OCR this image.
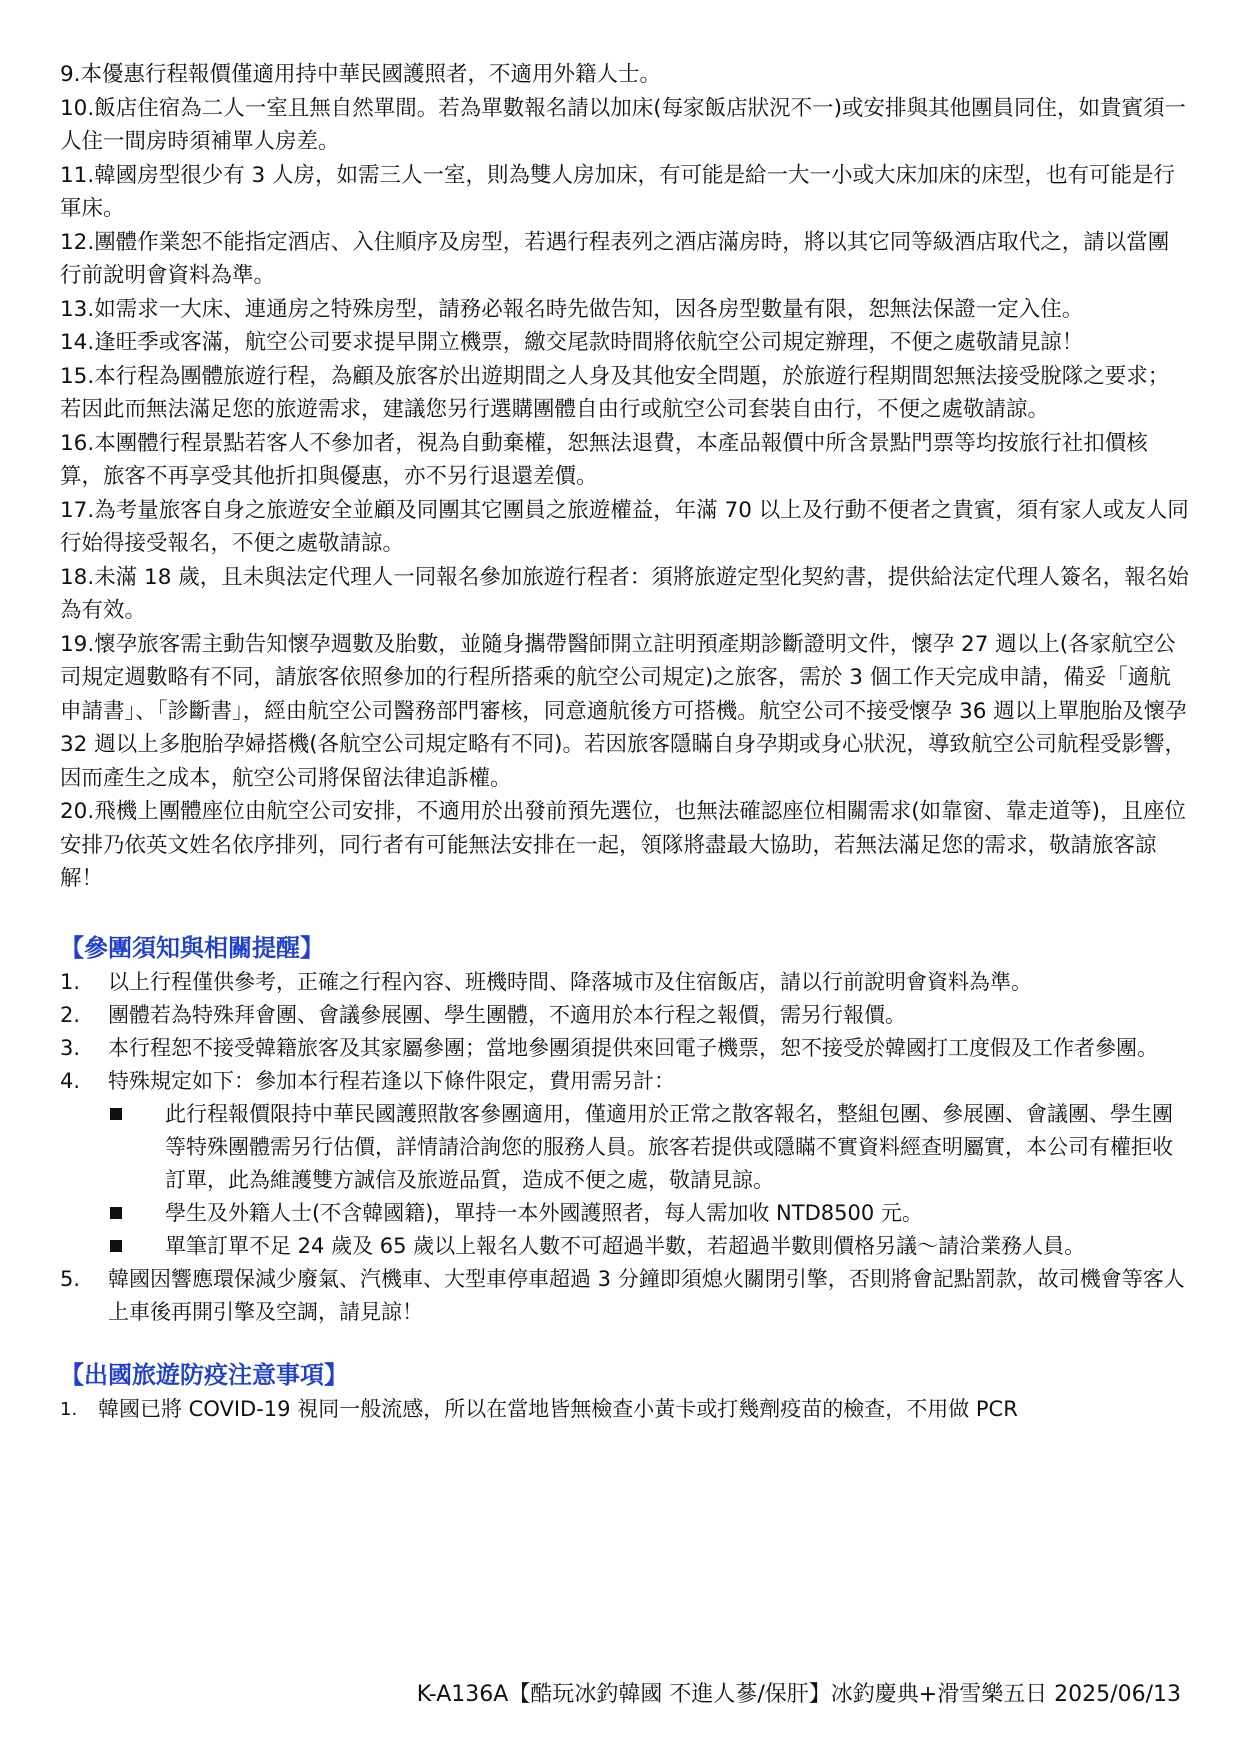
9.本優惠行程報價僅適用持中華民國護照者，不適用外籍人士。

10.飯店住宿為二人一室且無自然單間。若為單數報名請以加床(每家飯店狀況不一)或安排與其他團員同住，如貴賓須一人住一間房時須補單人房差。

11.韓國房型很少有 3 人房，如需三人一室，則為雙人房加床，有可能是給一大一小或大床加床的床型，也有可能是行軍床。

12.團體作業恕不能指定酒店、入住順序及房型，若遇行程表列之酒店滿房時，將以其它同等級酒店取代之，請以當團行前說明會資料為準。

13.如需求一大床、連通房之特殊房型，請務必報名時先做告知，因各房型數量有限，恕無法保證一定入住。

14.逢旺季或客滿，航空公司要求提早開立機票，繳交尾款時間將依航空公司規定辦理，不便之處敬請見諒！

15.本行程為團體旅遊行程，為顧及旅客於出遊期間之人身及其他安全問題，於旅遊行程期間恕無法接受脫隊之要求；若因此而無法滿足您的旅遊需求，建議您另行選購團體自由行或航空公司套裝自由行，不便之處敬請諒。

16.本團體行程景點若客人不參加者，視為自動棄權，恕無法退費，本產品報價中所含景點門票等均按旅行社扣價核算，旅客不再享受其他折扣與優惠，亦不另行退還差價。

17.為考量旅客自身之旅遊安全並顧及同團其它團員之旅遊權益，年滿 70 以上及行動不便者之貴賓，須有家人或友人同行始得接受報名，不便之處敬請諒。

18.未滿 18 歲，且未與法定代理人一同報名參加旅遊行程者：須將旅遊定型化契約書，提供給法定代理人簽名，報名始為有效。

19.懷孕旅客需主動告知懷孕週數及胎數，並隨身攜帶醫師開立註明預產期診斷證明文件，懷孕 27 週以上(各家航空公司規定週數略有不同，請旅客依照參加的行程所搭乘的航空公司規定)之旅客，需於 3 個工作天完成申請，備妥「適航申請書」、「診斷書」，經由航空公司醫務部門審核，同意適航後方可搭機。航空公司不接受懷孕 36 週以上單胞胎及懷孕 32 週以上多胞胎孕婦搭機(各航空公司規定略有不同)。若因旅客隱瞞自身孕期或身心狀況，導致航空公司航程受影響，因而產生之成本，航空公司將保留法律追訴權。

20.飛機上團體座位由航空公司安排，不適用於出發前預先選位，也無法確認座位相關需求(如靠窗、靠走道等)，且座位安排乃依英文姓名依序排列，同行者有可能無法安排在一起，領隊將盡最大協助，若無法滿足您的需求，敬請旅客諒解！

【參團須知與相關提醒】
1.	以上行程僅供參考，正確之行程內容、班機時間、降落城市及住宿飯店，請以行前說明會資料為準。
2.	團體若為特殊拜會團、會議參展團、學生團體，不適用於本行程之報價，需另行報價。
3.	本行程恕不接受韓籍旅客及其家屬參團；當地參團須提供來回電子機票，恕不接受於韓國打工度假及工作者參團。
4.	特殊規定如下：參加本行程若逢以下條件限定，費用需另計：
此行程報價限持中華民國護照散客參團適用，僅適用於正常之散客報名，整組包團、參展團、會議團、學生團等特殊團體需另行估價，詳情請洽詢您的服務人員。旅客若提供或隱瞞不實資料經查明屬實，本公司有權拒收訂單，此為維護雙方誠信及旅遊品質，造成不便之處，敬請見諒。
學生及外籍人士(不含韓國籍)，單持一本外國護照者，每人需加收 NTD8500 元。
單筆訂單不足 24 歲及 65 歲以上報名人數不可超過半數，若超過半數則價格另議～請洽業務人員。
5.	韓國因響應環保減少廢氣、汽機車、大型車停車超過 3 分鐘即須熄火關閉引擎，否則將會記點罰款，故司機會等客人上車後再開引擎及空調，請見諒！
【出國旅遊防疫注意事項】
1. 韓國已將 COVID-19 視同一般流感，所以在當地皆無檢查小黃卡或打幾劑疫苗的檢查，不用做 PCR
K-A136A【酷玩冰釣韓國 不進人蔘/保肝】冰釣慶典+滑雪樂五日 2025/06/13
